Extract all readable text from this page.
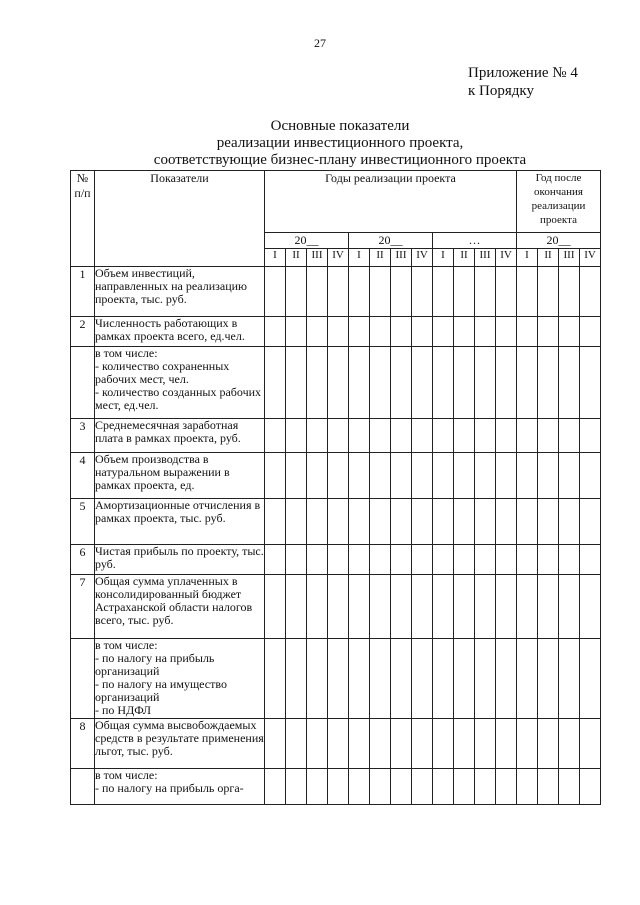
27
Приложение № 4
к Порядку
Основные показатели
реализации инвестиционного проекта,
соответствующие бизнес-плану инвестиционного проекта
№
п/п	Показатели	Годы реализации проекта												Год после окончания реализации проекта			
		20__				20__				…				20__			
		I	II	III	IV	I	II	III	IV	I	II	III	IV	I	II	III	IV
1	Объем инвестиций, направленных на реализацию проекта, тыс. руб.																
2	Численность работающих в рамках проекта всего, ед.чел.																
	в том числе:
- количество сохраненных рабочих мест, чел.
- количество созданных рабочих мест, ед.чел.																
3	Среднемесячная заработная плата в рамках проекта, руб.																
4	Объем производства в натуральном выражении в рамках проекта, ед.																
5	Амортизационные отчисления в рамках проекта, тыс. руб.																
6	Чистая прибыль по проекту, тыс. руб.																
7	Общая сумма уплаченных в консолидированный бюджет Астраханской области налогов всего, тыс. руб.																
	в том числе:
- по налогу на прибыль организаций
- по налогу на имущество организаций
- по НДФЛ																
8	Общая сумма высвобождаемых средств в результате применения льгот, тыс. руб.																
	в том числе:
- по налогу на прибыль орга-																
